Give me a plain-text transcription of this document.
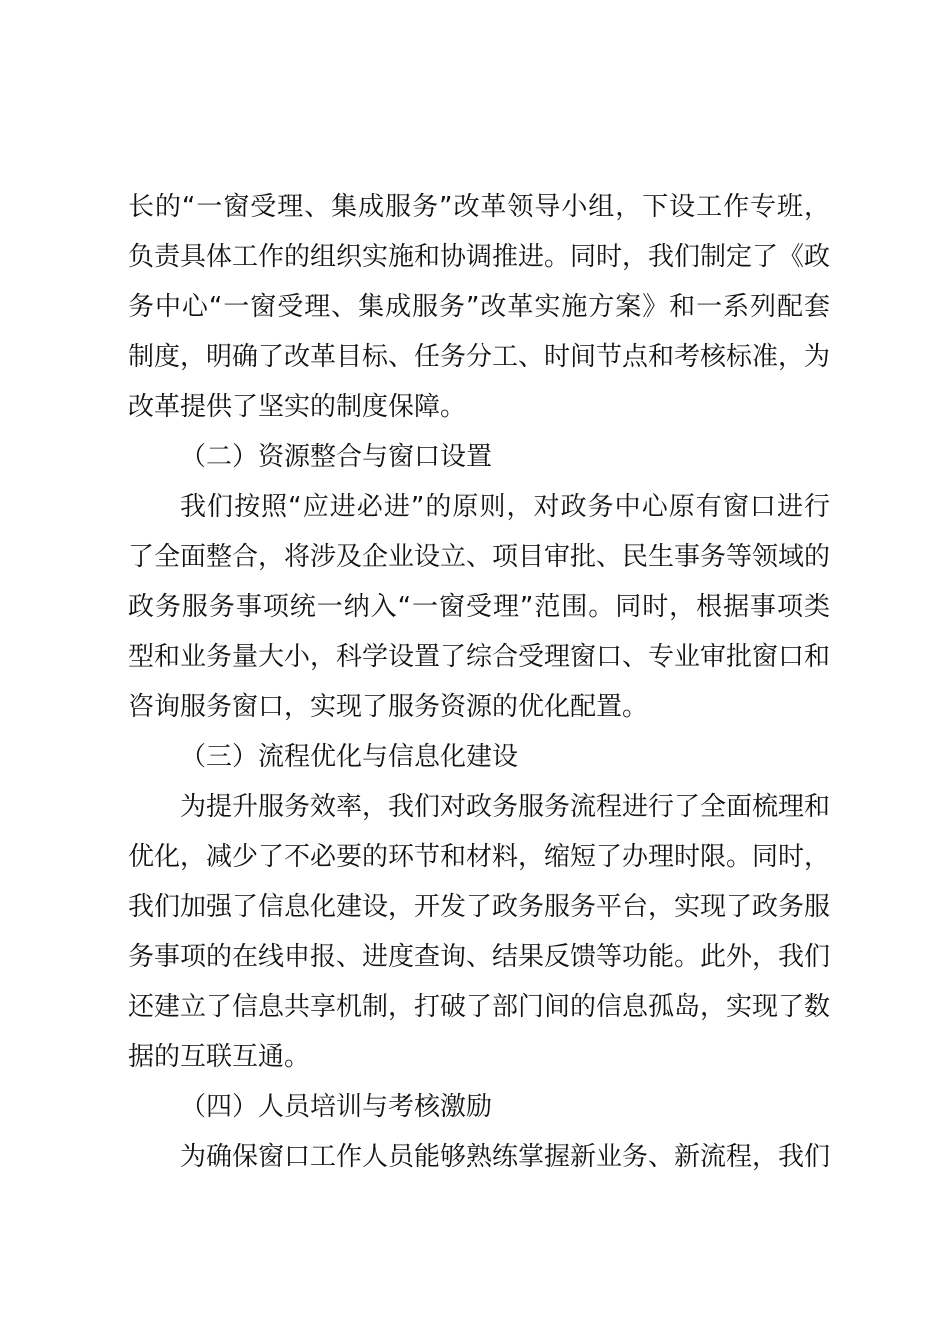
长的“一窗受理、集成服务”改革领导小组，下设工作专班，
负责具体工作的组织实施和协调推进。同时，我们制定了《政
务中心“一窗受理、集成服务”改革实施方案》和一系列配套
制度，明确了改革目标、任务分工、时间节点和考核标准，为
改革提供了坚实的制度保障。
（二）资源整合与窗口设置
我们按照“应进必进”的原则，对政务中心原有窗口进行
了全面整合，将涉及企业设立、项目审批、民生事务等领域的
政务服务事项统一纳入“一窗受理”范围。同时，根据事项类
型和业务量大小，科学设置了综合受理窗口、专业审批窗口和
咨询服务窗口，实现了服务资源的优化配置。
（三）流程优化与信息化建设
为提升服务效率，我们对政务服务流程进行了全面梳理和
优化，减少了不必要的环节和材料，缩短了办理时限。同时，
我们加强了信息化建设，开发了政务服务平台，实现了政务服
务事项的在线申报、进度查询、结果反馈等功能。此外，我们
还建立了信息共享机制，打破了部门间的信息孤岛，实现了数
据的互联互通。
（四）人员培训与考核激励
为确保窗口工作人员能够熟练掌握新业务、新流程，我们
